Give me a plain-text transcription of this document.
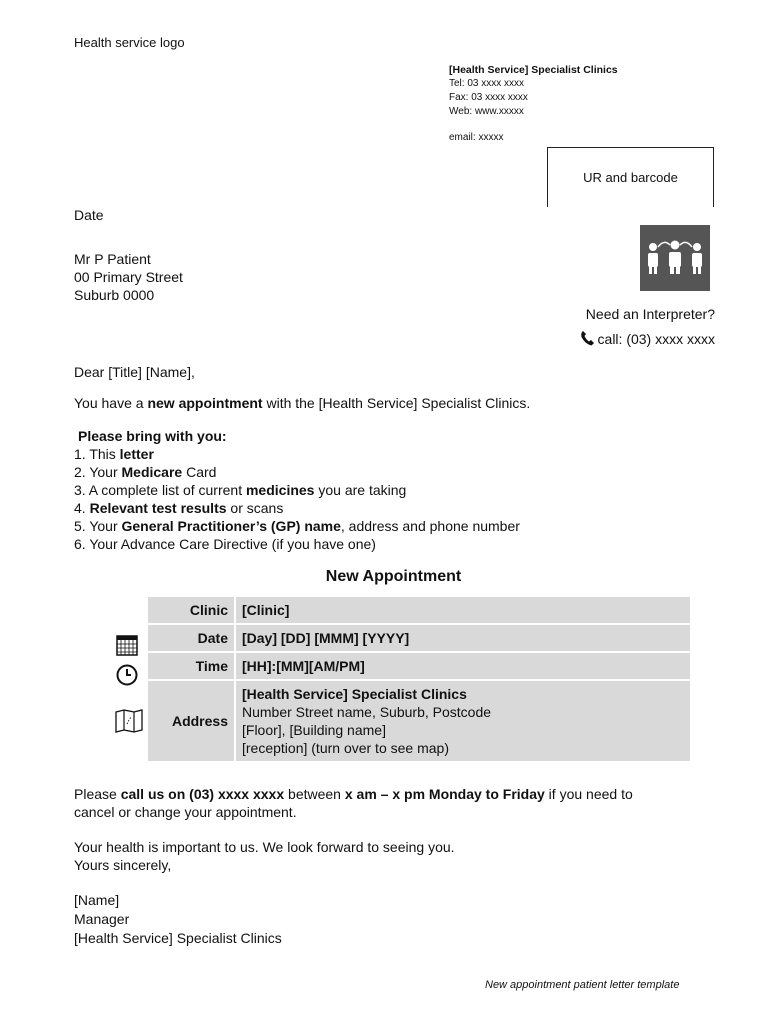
Health service logo
[Health Service] Specialist Clinics
Tel: 03 xxxx xxxx
Fax: 03 xxxx xxxx
Web: www.xxxxx
email: xxxxx
UR and barcode
Date
Mr P Patient
00 Primary Street
Suburb 0000
Need an Interpreter?
call: (03) xxxx xxxx
Dear [Title] [Name],
You have a new appointment with the [Health Service] Specialist Clinics.
Please bring with you:
1. This letter
2. Your Medicare Card
3. A complete list of current medicines you are taking
4. Relevant test results or scans
5. Your General Practitioner’s (GP) name, address and phone number
6. Your Advance Care Directive (if you have one)
New Appointment
Clinic	[Clinic]
Date	[Day] [DD] [MMM] [YYYY]
Time	[HH]:[MM][AM/PM]
Address	[Health Service] Specialist Clinics
Number Street name, Suburb, Postcode
[Floor], [Building name]
[reception] (turn over to see map)
Please call us on (03) xxxx xxxx between x am – x pm Monday to Friday if you need to
cancel or change your appointment.
Your health is important to us. We look forward to seeing you.
Yours sincerely,
[Name]
Manager
[Health Service] Specialist Clinics
New appointment patient letter template
